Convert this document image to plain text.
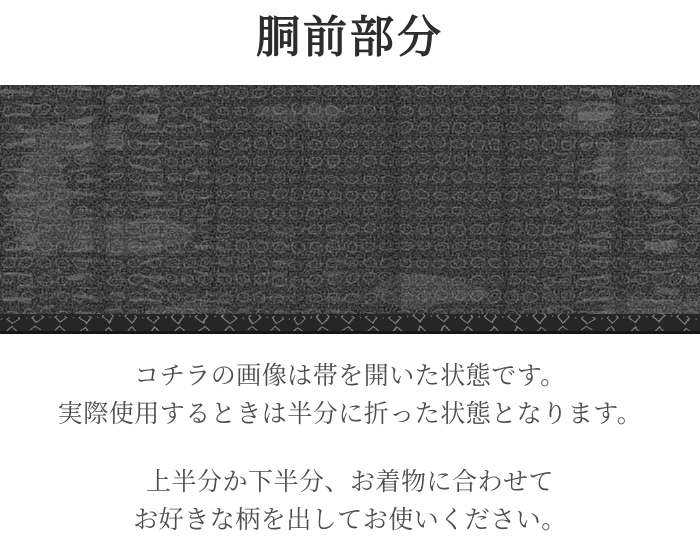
胴前部分

コチラの画像は帯を開いた状態です。
実際使用するときは半分に折った状態となります。

上半分か下半分、お着物に合わせて
お好きな柄を出してお使いください。
